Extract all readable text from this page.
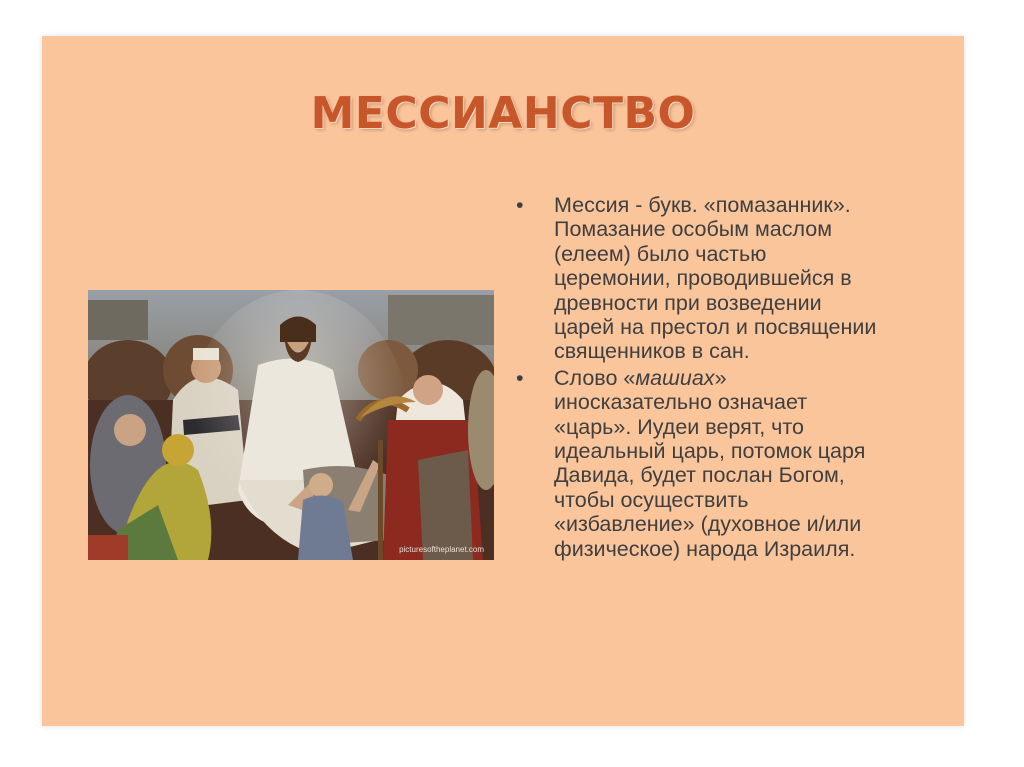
МЕССИАНСТВО
picturesoftheplanet.com
• Мессия - букв. «помазанник».
Помазание особым маслом
(елеем) было частью
церемонии, проводившейся в
древности при возведении
царей на престол и посвящении
священников в сан.
• Слово «машиах»
иносказательно означает
«царь». Иудеи верят, что
идеальный царь, потомок царя
Давида, будет послан Богом,
чтобы осуществить
«избавление» (духовное и/или
физическое) народа Израиля.
